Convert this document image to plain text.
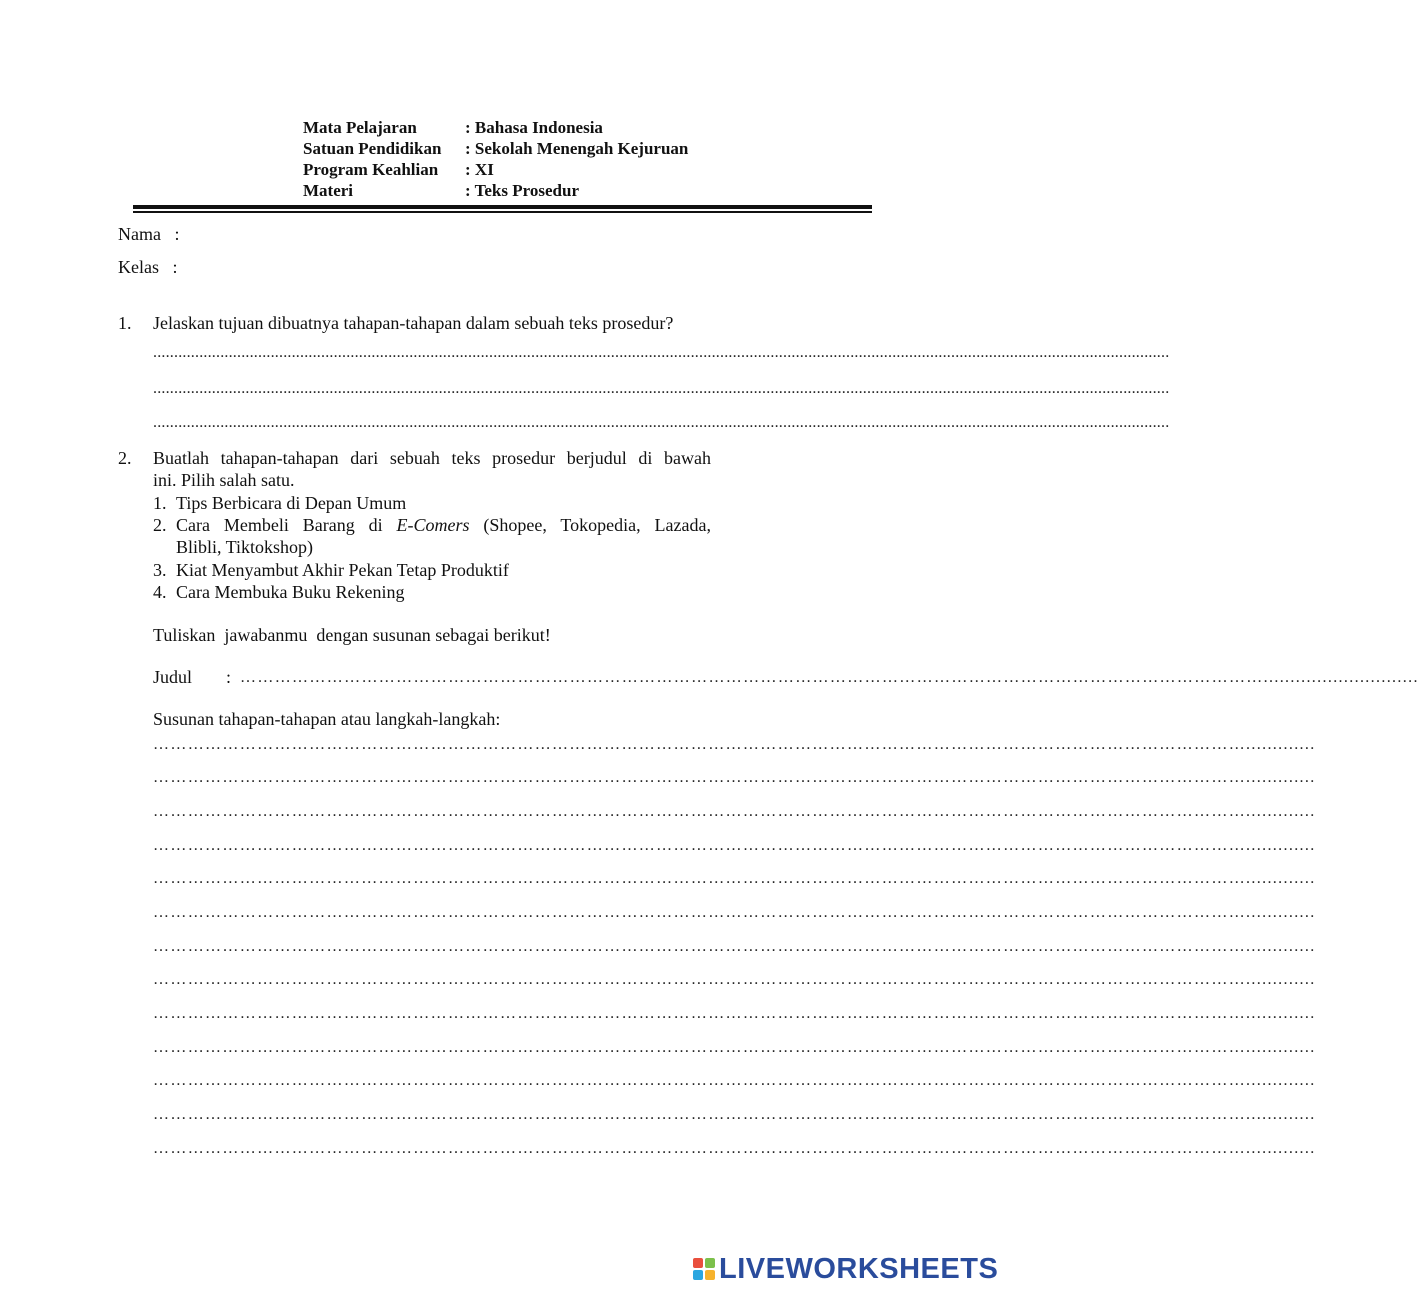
Mata Pelajaran	: Bahasa Indonesia
Satuan Pendidikan	: Sekolah Menengah Kejuruan
Program Keahlian	: XI
Materi	: Teks Prosedur
Nama   :
Kelas   :
1. Jelaskan tujuan dibuatnya tahapan-tahapan dalam sebuah teks prosedur?
..................................................................................................................................................................................................................................................
..................................................................................................................................................................................................................................................
..................................................................................................................................................................................................................................................
2. Buatlah tahapan-tahapan dari sebuah teks prosedur berjudul di bawah
ini. Pilih salah satu.
1. Tips Berbicara di Depan Umum
2. Cara Membeli Barang di E-Comers (Shopee, Tokopedia, Lazada,
Blibli, Tiktokshop)
3. Kiat Menyambut Akhir Pekan Tetap Produktif
4. Cara Membuka Buku Rekening
Tuliskan  jawabanmu  dengan susunan sebagai berikut!
Judul : …………………………………………………………………………………………………………………………………………………………….............................
Susunan tahapan-tahapan atau langkah-langkah:
……………………………………………………………………………………………………………………………………………………………………….............
……………………………………………………………………………………………………………………………………………………………………….............
……………………………………………………………………………………………………………………………………………………………………….............
……………………………………………………………………………………………………………………………………………………………………….............
……………………………………………………………………………………………………………………………………………………………………….............
……………………………………………………………………………………………………………………………………………………………………….............
……………………………………………………………………………………………………………………………………………………………………….............
……………………………………………………………………………………………………………………………………………………………………….............
……………………………………………………………………………………………………………………………………………………………………….............
……………………………………………………………………………………………………………………………………………………………………….............
……………………………………………………………………………………………………………………………………………………………………….............
……………………………………………………………………………………………………………………………………………………………………….............
……………………………………………………………………………………………………………………………………………………………………….............
LIVEWORKSHEETS
